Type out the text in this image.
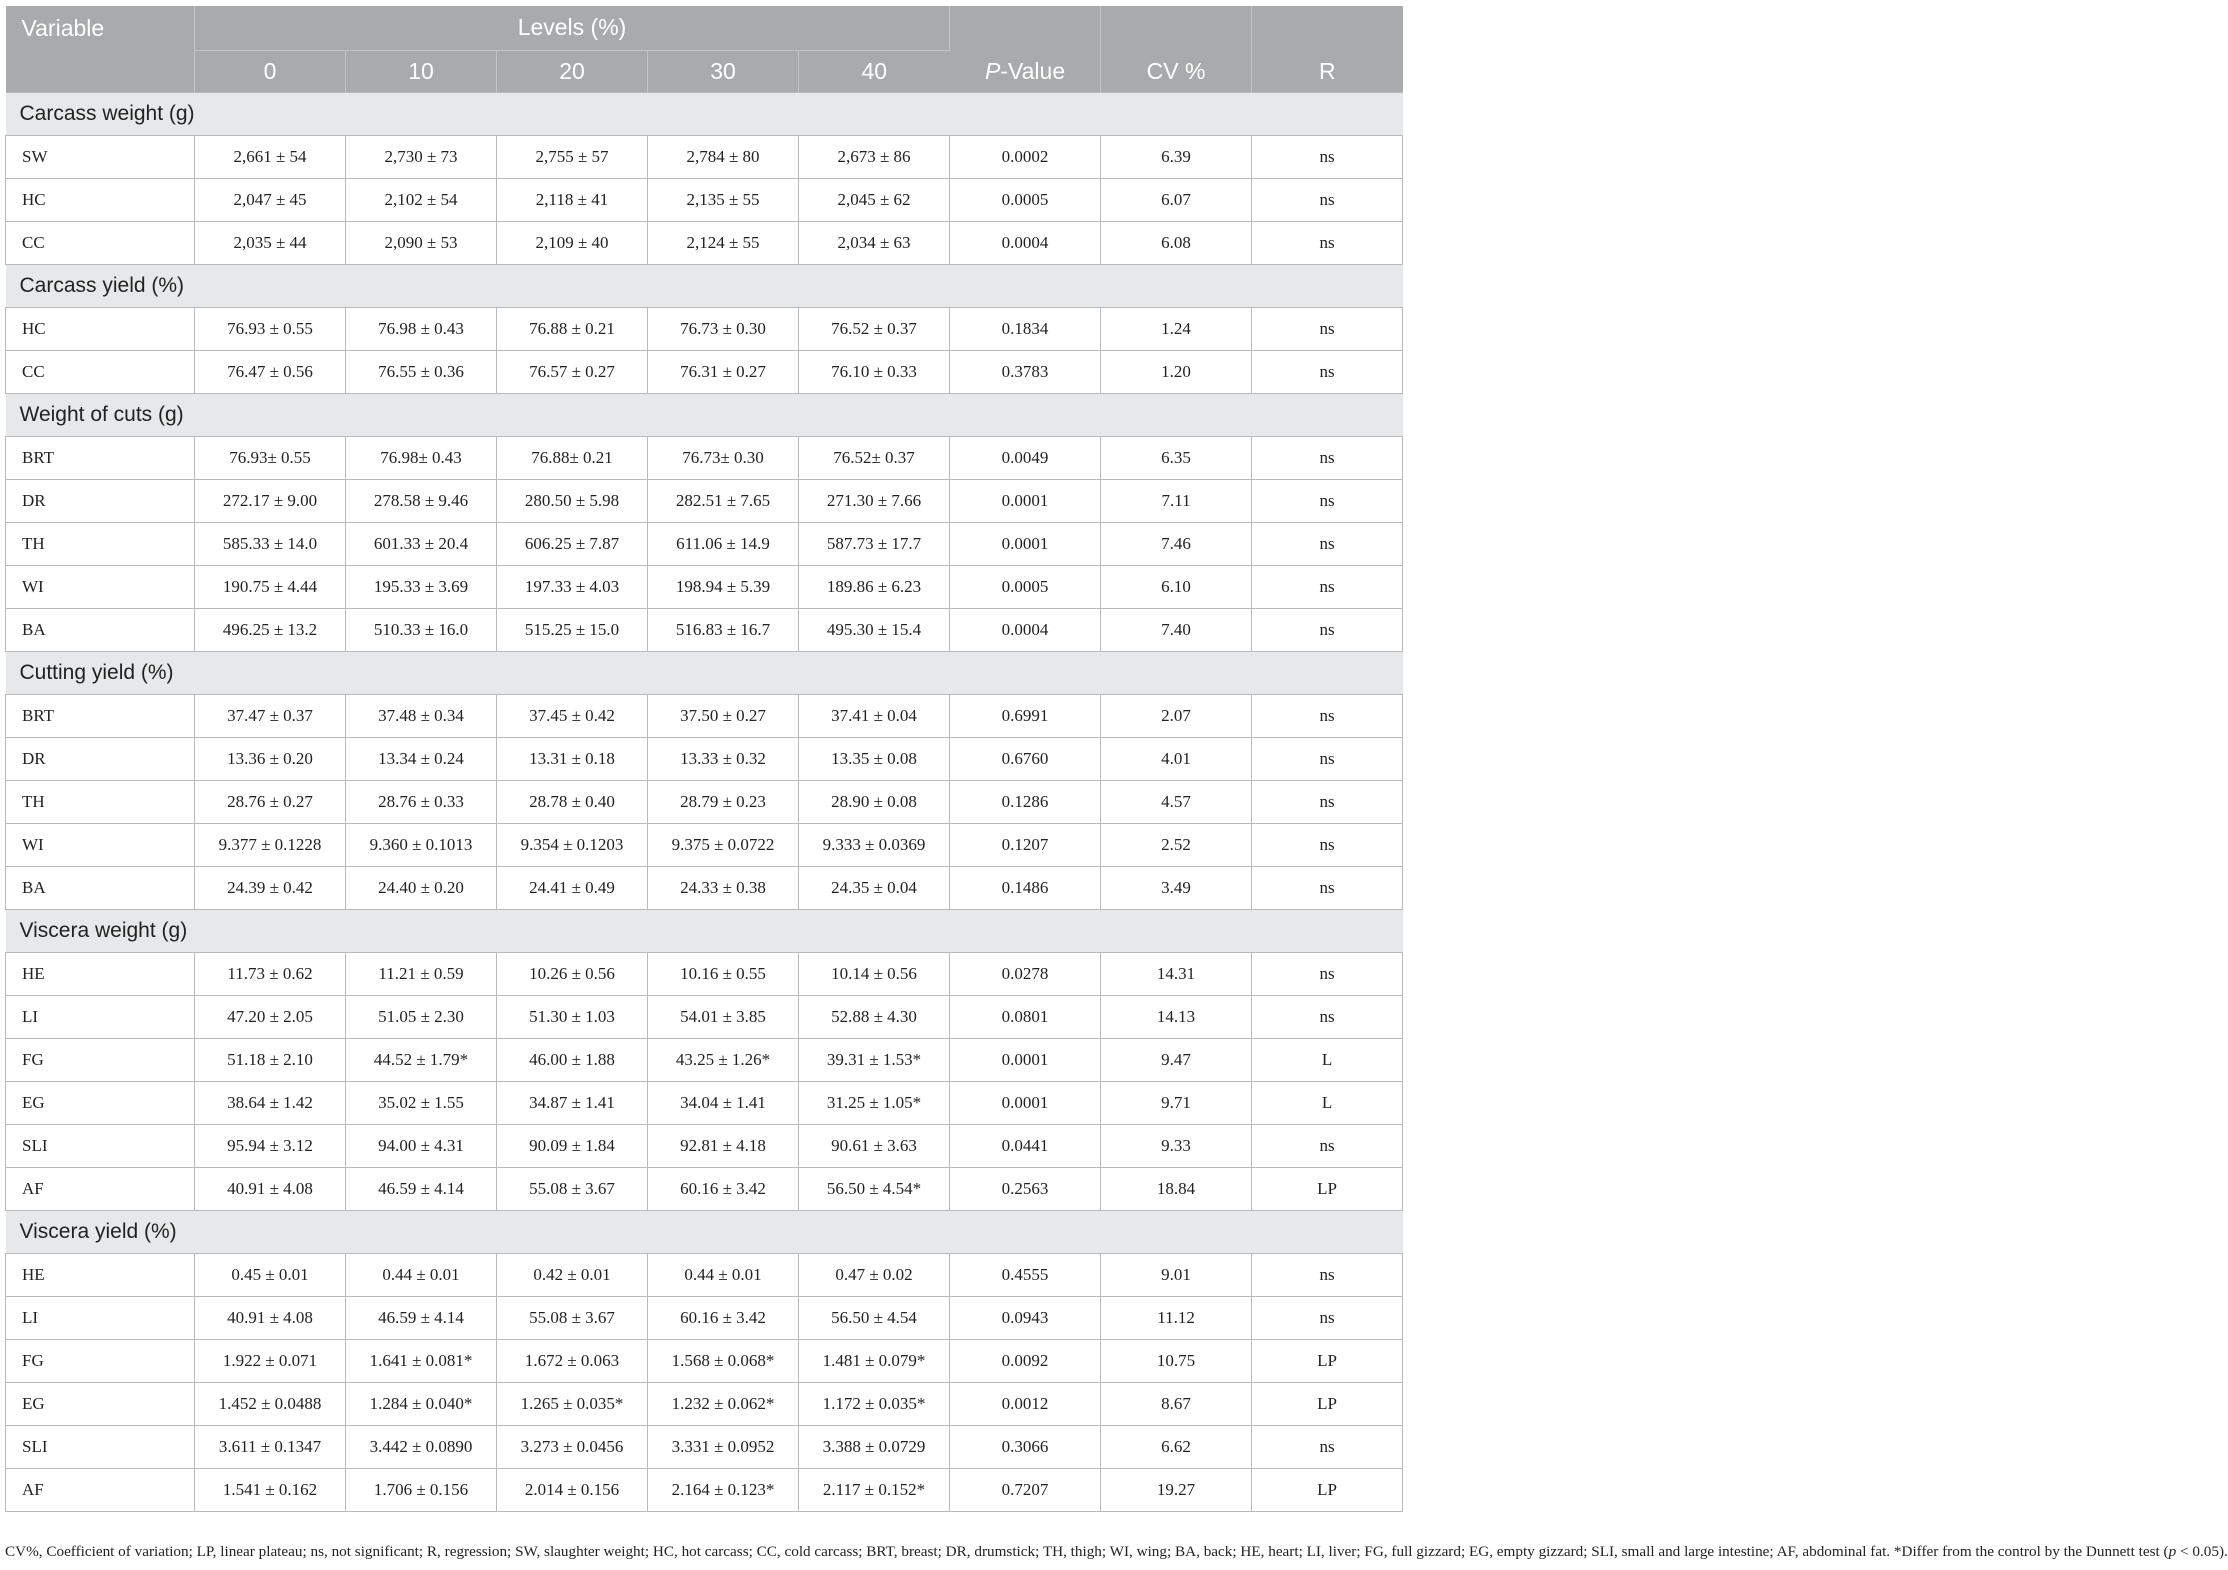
Variable	Levels (%)					P-Value	CV %	R
	0	10	20	30	40			
Carcass weight (g)								
SW	2,661 ± 54	2,730 ± 73	2,755 ± 57	2,784 ± 80	2,673 ± 86	0.0002	6.39	ns
HC	2,047 ± 45	2,102 ± 54	2,118 ± 41	2,135 ± 55	2,045 ± 62	0.0005	6.07	ns
CC	2,035 ± 44	2,090 ± 53	2,109 ± 40	2,124 ± 55	2,034 ± 63	0.0004	6.08	ns
Carcass yield (%)								
HC	76.93 ± 0.55	76.98 ± 0.43	76.88 ± 0.21	76.73 ± 0.30	76.52 ± 0.37	0.1834	1.24	ns
CC	76.47 ± 0.56	76.55 ± 0.36	76.57 ± 0.27	76.31 ± 0.27	76.10 ± 0.33	0.3783	1.20	ns
Weight of cuts (g)								
BRT	76.93± 0.55	76.98± 0.43	76.88± 0.21	76.73± 0.30	76.52± 0.37	0.0049	6.35	ns
DR	272.17 ± 9.00	278.58 ± 9.46	280.50 ± 5.98	282.51 ± 7.65	271.30 ± 7.66	0.0001	7.11	ns
TH	585.33 ± 14.0	601.33 ± 20.4	606.25 ± 7.87	611.06 ± 14.9	587.73 ± 17.7	0.0001	7.46	ns
WI	190.75 ± 4.44	195.33 ± 3.69	197.33 ± 4.03	198.94 ± 5.39	189.86 ± 6.23	0.0005	6.10	ns
BA	496.25 ± 13.2	510.33 ± 16.0	515.25 ± 15.0	516.83 ± 16.7	495.30 ± 15.4	0.0004	7.40	ns
Cutting yield (%)								
BRT	37.47 ± 0.37	37.48 ± 0.34	37.45 ± 0.42	37.50 ± 0.27	37.41 ± 0.04	0.6991	2.07	ns
DR	13.36 ± 0.20	13.34 ± 0.24	13.31 ± 0.18	13.33 ± 0.32	13.35 ± 0.08	0.6760	4.01	ns
TH	28.76 ± 0.27	28.76 ± 0.33	28.78 ± 0.40	28.79 ± 0.23	28.90 ± 0.08	0.1286	4.57	ns
WI	9.377 ± 0.1228	9.360 ± 0.1013	9.354 ± 0.1203	9.375 ± 0.0722	9.333 ± 0.0369	0.1207	2.52	ns
BA	24.39 ± 0.42	24.40 ± 0.20	24.41 ± 0.49	24.33 ± 0.38	24.35 ± 0.04	0.1486	3.49	ns
Viscera weight (g)								
HE	11.73 ± 0.62	11.21 ± 0.59	10.26 ± 0.56	10.16 ± 0.55	10.14 ± 0.56	0.0278	14.31	ns
LI	47.20 ± 2.05	51.05 ± 2.30	51.30 ± 1.03	54.01 ± 3.85	52.88 ± 4.30	0.0801	14.13	ns
FG	51.18 ± 2.10	44.52 ± 1.79*	46.00 ± 1.88	43.25 ± 1.26*	39.31 ± 1.53*	0.0001	9.47	L
EG	38.64 ± 1.42	35.02 ± 1.55	34.87 ± 1.41	34.04 ± 1.41	31.25 ± 1.05*	0.0001	9.71	L
SLI	95.94 ± 3.12	94.00 ± 4.31	90.09 ± 1.84	92.81 ± 4.18	90.61 ± 3.63	0.0441	9.33	ns
AF	40.91 ± 4.08	46.59 ± 4.14	55.08 ± 3.67	60.16 ± 3.42	56.50 ± 4.54*	0.2563	18.84	LP
Viscera yield (%)								
HE	0.45 ± 0.01	0.44 ± 0.01	0.42 ± 0.01	0.44 ± 0.01	0.47 ± 0.02	0.4555	9.01	ns
LI	40.91 ± 4.08	46.59 ± 4.14	55.08 ± 3.67	60.16 ± 3.42	56.50 ± 4.54	0.0943	11.12	ns
FG	1.922 ± 0.071	1.641 ± 0.081*	1.672 ± 0.063	1.568 ± 0.068*	1.481 ± 0.079*	0.0092	10.75	LP
EG	1.452 ± 0.0488	1.284 ± 0.040*	1.265 ± 0.035*	1.232 ± 0.062*	1.172 ± 0.035*	0.0012	8.67	LP
SLI	3.611 ± 0.1347	3.442 ± 0.0890	3.273 ± 0.0456	3.331 ± 0.0952	3.388 ± 0.0729	0.3066	6.62	ns
AF	1.541 ± 0.162	1.706 ± 0.156	2.014 ± 0.156	2.164 ± 0.123*	2.117 ± 0.152*	0.7207	19.27	LP
CV%, Coefficient of variation; LP, linear plateau; ns, not significant; R, regression; SW, slaughter weight; HC, hot carcass; CC, cold carcass; BRT, breast; DR, drumstick; TH, thigh; WI, wing; BA, back; HE, heart; LI, liver; FG, full gizzard; EG, empty gizzard; SLI, small and large intestine; AF, abdominal fat. *Differ from the control by the Dunnett test (p < 0.05).
